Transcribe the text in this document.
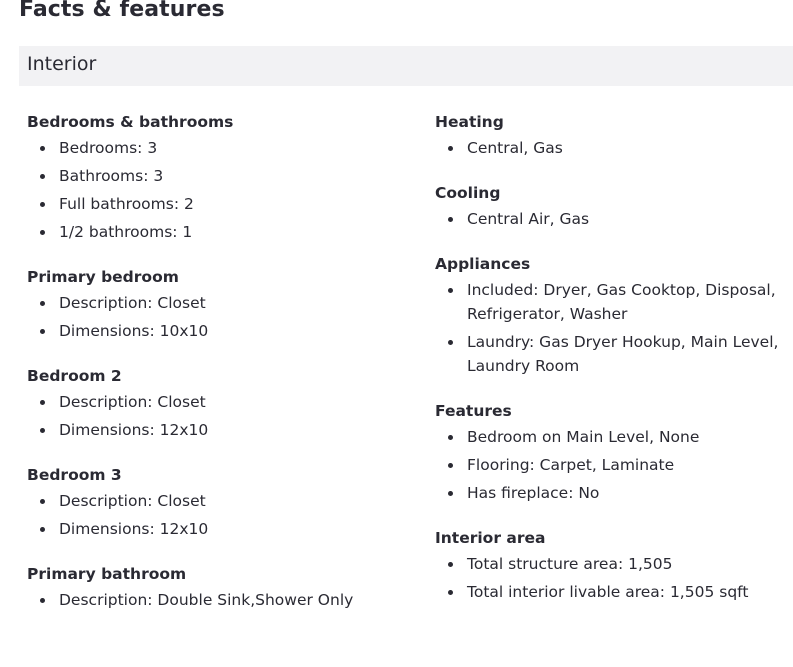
Facts & features
Interior
Bedrooms & bathrooms
Bedrooms: 3
Bathrooms: 3
Full bathrooms: 2
1/2 bathrooms: 1
Primary bedroom
Description: Closet
Dimensions: 10x10
Bedroom 2
Description: Closet
Dimensions: 12x10
Bedroom 3
Description: Closet
Dimensions: 12x10
Primary bathroom
Description: Double Sink,Shower Only
Heating
Central, Gas
Cooling
Central Air, Gas
Appliances
Included: Dryer, Gas Cooktop, Disposal, Refrigerator, Washer
Laundry: Gas Dryer Hookup, Main Level, Laundry Room
Features
Bedroom on Main Level, None
Flooring: Carpet, Laminate
Has fireplace: No
Interior area
Total structure area: 1,505
Total interior livable area: 1,505 sqft
